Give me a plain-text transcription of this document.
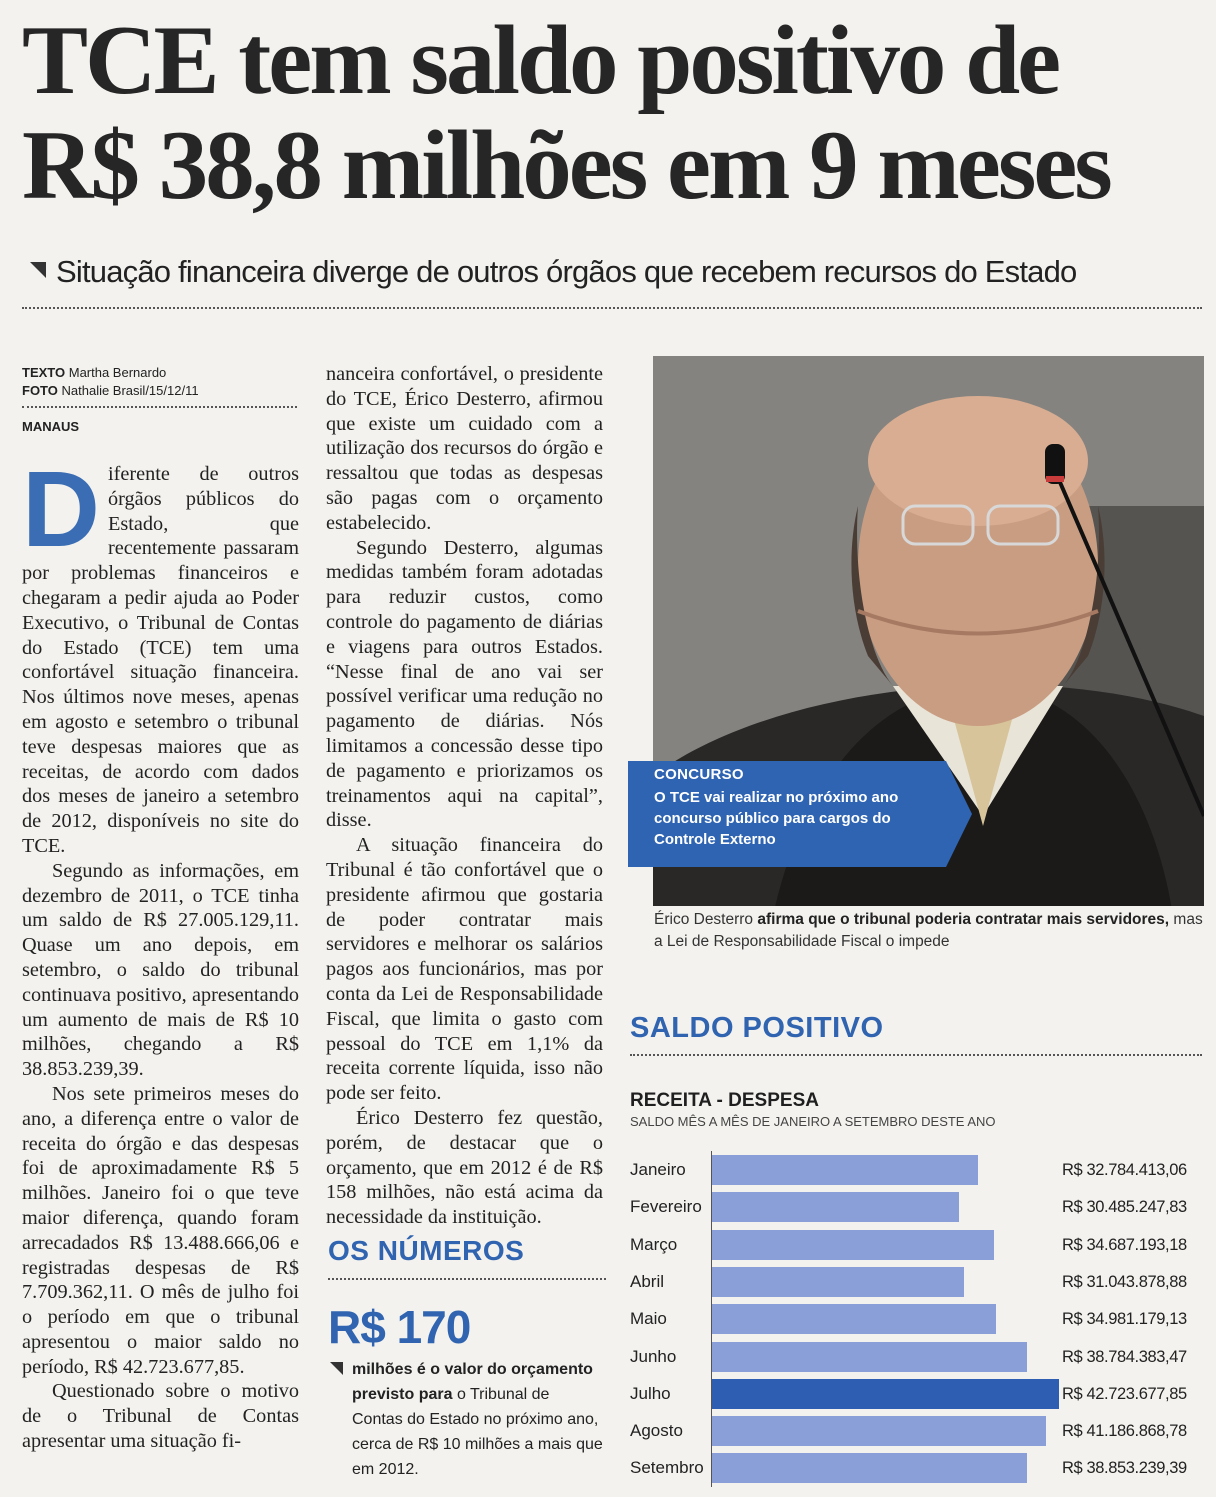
TCE tem saldo positivo de
R$ 38,8 milhões em 9 meses
Situação financeira diverge de outros órgãos que recebem recursos do Estado
TEXTO Martha Bernardo
FOTO Nathalie Brasil/15/12/11
MANAUS
D iferente de outros órgãos públicos do Estado, que recentemente passaram por problemas financeiros e chegaram a pedir ajuda ao Poder Executivo, o Tribunal de Contas do Estado (TCE) tem uma confortável situação financeira. Nos últimos nove meses, apenas em agosto e setembro o tribunal teve despesas maiores que as receitas, de acordo com dados dos meses de janeiro a setembro de 2012, disponíveis no site do TCE.

Segundo as informações, em dezembro de 2011, o TCE tinha um saldo de R$ 27.005.129,11. Quase um ano depois, em setembro, o saldo do tribunal continuava positivo, apresentando um aumento de mais de R$ 10 milhões, chegando a R$ 38.853.239,39.

Nos sete primeiros meses do ano, a diferença entre o valor de receita do órgão e das despesas foi de aproximadamente R$ 5 milhões. Janeiro foi o que teve maior diferença, quando foram arrecadados R$ 13.488.666,06 e registradas despesas de R$ 7.709.362,11. O mês de julho foi o período em que o tribunal apresentou o maior saldo no período, R$ 42.723.677,85.

Questionado sobre o motivo de o Tribunal de Contas apresentar uma situação fi-

nanceira confortável, o presidente do TCE, Érico Desterro, afirmou que existe um cuidado com a utilização dos recursos do órgão e ressaltou que todas as despesas são pagas com o orçamento estabelecido.

Segundo Desterro, algumas medidas também foram adotadas para reduzir custos, como controle do pagamento de diárias e viagens para outros Estados. “Nesse final de ano vai ser possível verificar uma redução no pagamento de diárias. Nós limitamos a concessão desse tipo de pagamento e priorizamos os treinamentos aqui na capital”, disse.

A situação financeira do Tribunal é tão confortável que o presidente afirmou que gostaria de poder contratar mais servidores e melhorar os salários pagos aos funcionários, mas por conta da Lei de Responsabilidade Fiscal, que limita o gasto com pessoal do TCE em 1,1% da receita corrente líquida, isso não pode ser feito.

Érico Desterro fez questão, porém, de destacar que o orçamento, que em 2012 é de R$ 158 milhões, não está acima da necessidade da instituição.

CONCURSO
O TCE vai realizar no próximo ano concurso público para cargos do Controle Externo
Érico Desterro afirma que o tribunal poderia contratar mais servidores, mas a Lei de Responsabilidade Fiscal o impede
OS NÚMEROS
R$ 170
milhões é o valor do orçamento previsto para o Tribunal de Contas do Estado no próximo ano, cerca de R$ 10 milhões a mais que em 2012.
SALDO POSITIVO
RECEITA - DESPESA
SALDO MÊS A MÊS DE JANEIRO A SETEMBRO DESTE ANO
Janeiro	R$ 32.784.413,06
Fevereiro	R$ 30.485.247,83
Março	R$ 34.687.193,18
Abril	R$ 31.043.878,88
Maio	R$ 34.981.179,13
Junho	R$ 38.784.383,47
Julho	R$ 42.723.677,85
Agosto	R$ 41.186.868,78
Setembro	R$ 38.853.239,39
